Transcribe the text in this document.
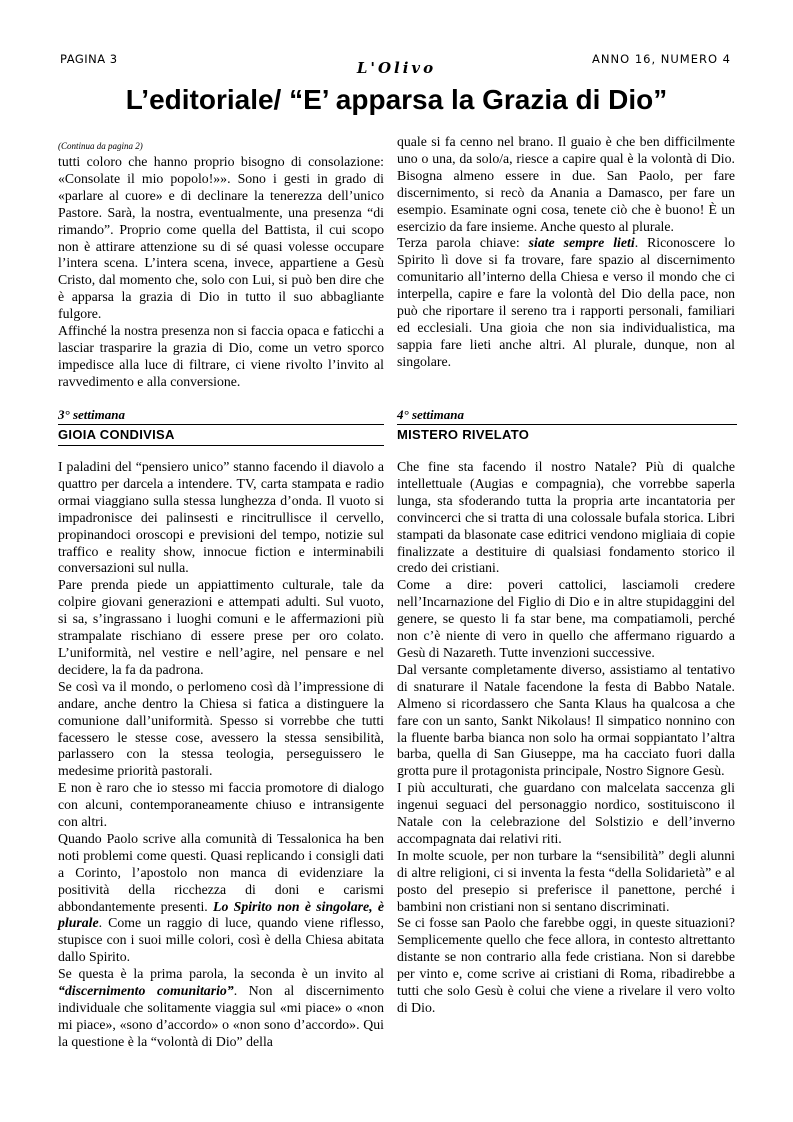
PAGINA 3	L'Olivo	ANNO 16, NUMERO 4
L’editoriale/ “E’ apparsa la Grazia di Dio”

(Continua da pagina 2)

tutti coloro che hanno proprio bisogno di consolazione: «Consolate il mio popolo!»». Sono i gesti in grado di «parlare al cuore» e di declinare la tenerezza dell’unico Pastore. Sarà, la nostra, eventualmente, una presenza “di rimando”. Proprio come quella del Battista, il cui scopo non è attirare attenzione su di sé quasi volesse occupare l’intera scena. L’intera scena, invece, appartiene a Gesù Cristo, dal momento che, solo con Lui, si può ben dire che è apparsa la grazia di Dio in tutto il suo abbagliante fulgore.

Affinché la nostra presenza non si faccia opaca e faticchi a lasciar trasparire la grazia di Dio, come un vetro sporco impedisce alla luce di filtrare, ci viene rivolto l’invito al ravvedimento e alla conversione.

quale si fa cenno nel brano. Il guaio è che ben difficilmente uno o una, da solo/a, riesce a capire qual è la volontà di Dio. Bisogna almeno essere in due. San Paolo, per fare discernimento, si recò da Anania a Damasco, per fare un esempio. Esaminate ogni cosa, tenete ciò che è buono! È un esercizio da fare insieme. Anche questo al plurale.

Terza parola chiave: siate sempre lieti. Riconoscere lo Spirito lì dove si fa trovare, fare spazio al discernimento comunitario all’interno della Chiesa e verso il mondo che ci interpella, capire e fare la volontà del Dio della pace, non può che riportare il sereno tra i rapporti personali, familiari ed ecclesiali. Una gioia che non sia individualistica, ma sappia fare lieti anche altri. Al plurale, dunque, non al singolare.

3° settimana	4° settimana
GIOIA CONDIVISA	MISTERO RIVELATO

I paladini del “pensiero unico” stanno facendo il diavolo a quattro per darcela a intendere. TV, carta stampata e radio ormai viaggiano sulla stessa lunghezza d’onda. Il vuoto si impadronisce dei palinsesti e rincitrullisce il cervello, propinandoci oroscopi e previsioni del tempo, notizie sul traffico e reality show, innocue fiction e interminabili conversazioni sul nulla.

Pare prenda piede un appiattimento culturale, tale da colpire giovani generazioni e attempati adulti. Sul vuoto, si sa, s’ingrassano i luoghi comuni e le affermazioni più strampalate rischiano di essere prese per oro colato. L’uniformità, nel vestire e nell’agire, nel pensare e nel decidere, la fa da padrona.

Se così va il mondo, o perlomeno così dà l’impressione di andare, anche dentro la Chiesa si fatica a distinguere la comunione dall’uniformità. Spesso si vorrebbe che tutti facessero le stesse cose, avessero la stessa sensibilità, parlassero con la stessa teologia, perseguissero le medesime priorità pastorali.

E non è raro che io stesso mi faccia promotore di dialogo con alcuni, contemporaneamente chiuso e intransigente con altri.

Quando Paolo scrive alla comunità di Tessalonica ha ben noti problemi come questi. Quasi replicando i consigli dati a Corinto, l’apostolo non manca di evidenziare la positività della ricchezza di doni e carismi abbondantemente presenti. Lo Spirito non è singolare, è plurale. Come un raggio di luce, quando viene riflesso, stupisce con i suoi mille colori, così è della Chiesa abitata dallo Spirito.

Se questa è la prima parola, la seconda è un invito al “discernimento comunitario”. Non al discernimento individuale che solitamente viaggia sul «mi piace» o «non mi piace», «sono d’accordo» o «non sono d’accordo». Qui la questione è la “volontà di Dio” della

Che fine sta facendo il nostro Natale? Più di qualche intellettuale (Augias e compagnia), che vorrebbe saperla lunga, sta sfoderando tutta la propria arte incantatoria per convincerci che si tratta di una colossale bufala storica. Libri stampati da blasonate case editrici vendono migliaia di copie finalizzate a destituire di qualsiasi fondamento storico il credo dei cristiani.

Come a dire: poveri cattolici, lasciamoli credere nell’Incarnazione del Figlio di Dio e in altre stupidaggini del genere, se questo li fa star bene, ma compatiamoli, perché non c’è niente di vero in quello che affermano riguardo a Gesù di Nazareth. Tutte invenzioni successive.

Dal versante completamente diverso, assistiamo al tentativo di snaturare il Natale facendone la festa di Babbo Natale. Almeno si ricordassero che Santa Klaus ha qualcosa a che fare con un santo, Sankt Nikolaus! Il simpatico nonnino con la fluente barba bianca non solo ha ormai soppiantato l’altra barba, quella di San Giuseppe, ma ha cacciato fuori dalla grotta pure il protagonista principale, Nostro Signore Gesù.

I più acculturati, che guardano con malcelata saccenza gli ingenui seguaci del personaggio nordico, sostituiscono il Natale con la celebrazione del Solstizio e dell’inverno accompagnata dai relativi riti.

In molte scuole, per non turbare la “sensibilità” degli alunni di altre religioni, ci si inventa la festa “della Solidarietà” e al posto del presepio si preferisce il panettone, perché i bambini non cristiani non si sentano discriminati.

Se ci fosse san Paolo che farebbe oggi, in queste situazioni? Semplicemente quello che fece allora, in contesto altrettanto distante se non contrario alla fede cristiana. Non si darebbe per vinto e, come scrive ai cristiani di Roma, ribadirebbe a tutti che solo Gesù è colui che viene a rivelare il vero volto di Dio.
